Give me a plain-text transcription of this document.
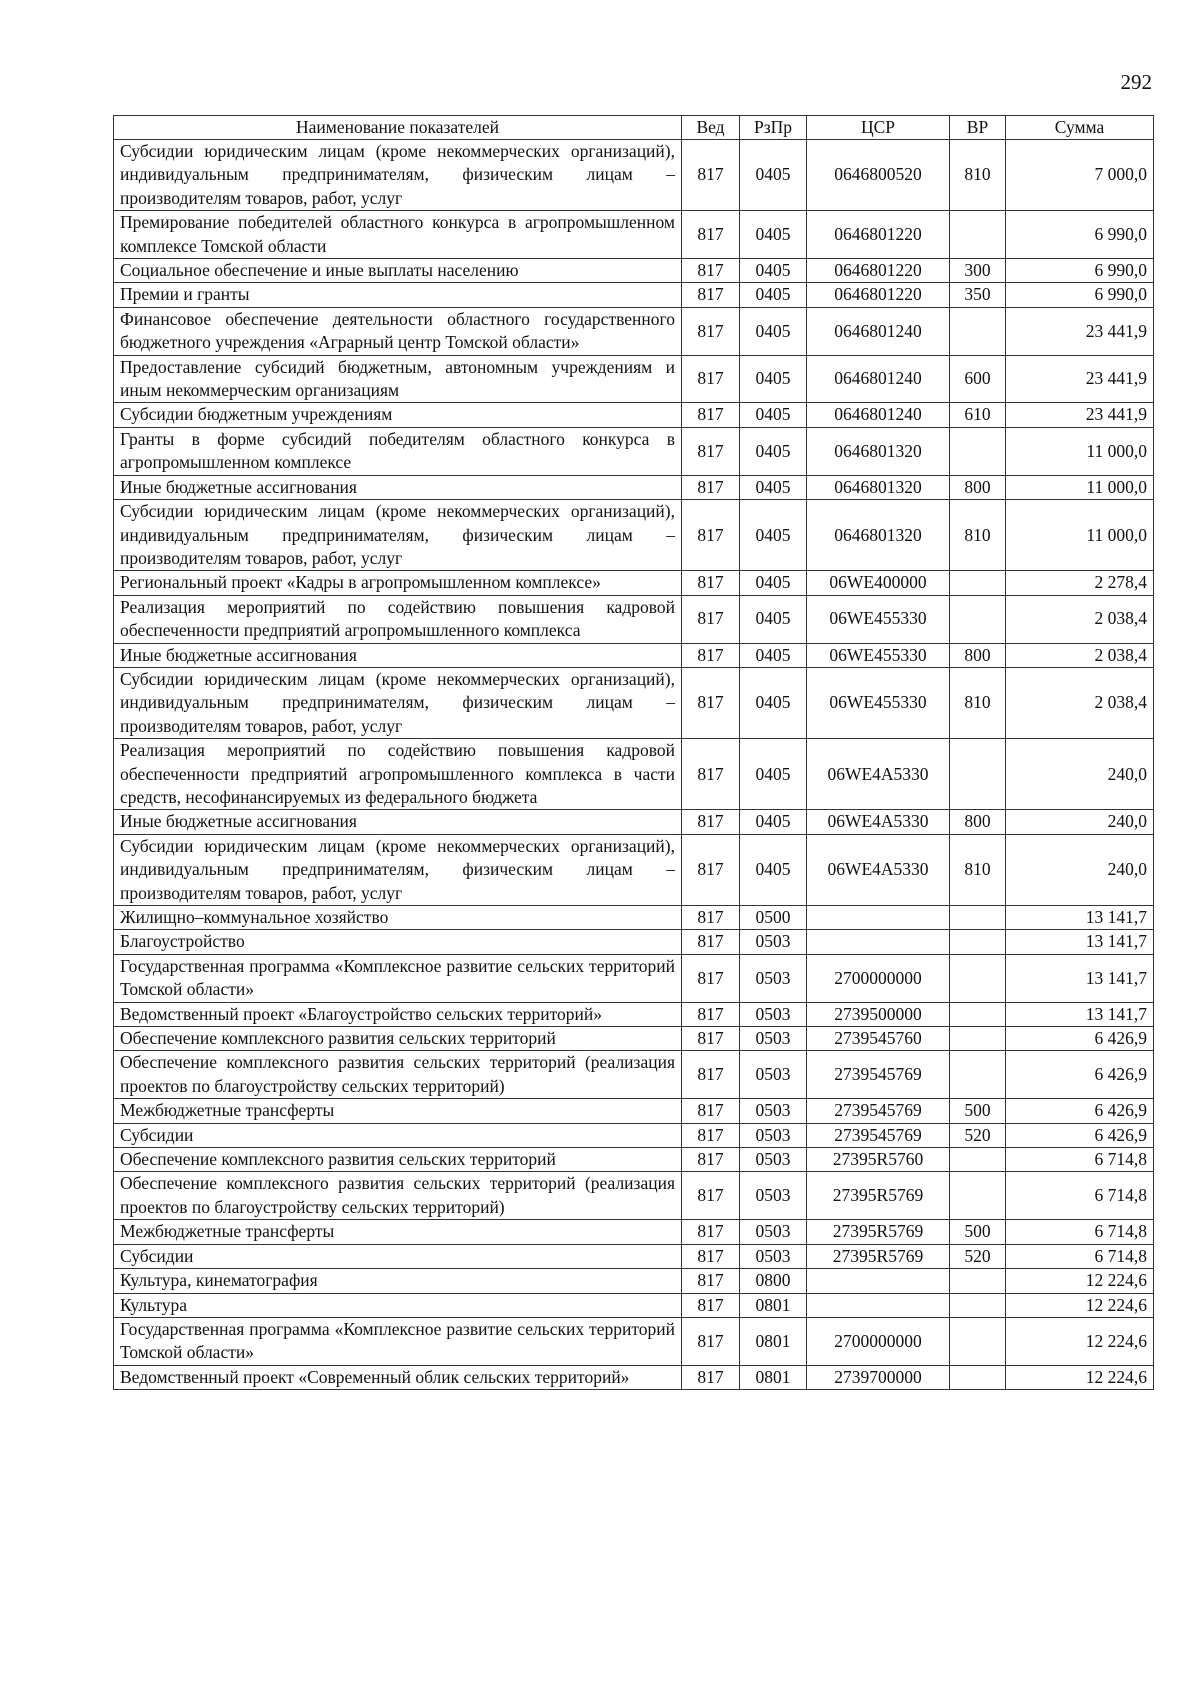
292
Наименование показателей	Вед	РзПр	ЦСР	ВР	Сумма
Субсидии юридическим лицам (кроме некоммерческих организаций), индивидуальным предпринимателям, физическим лицам – производителям товаров, работ, услуг	817	0405	0646800520	810	7 000,0
Премирование победителей областного конкурса в агропромышленном комплексе Томской области	817	0405	0646801220		6 990,0
Социальное обеспечение и иные выплаты населению	817	0405	0646801220	300	6 990,0
Премии и гранты	817	0405	0646801220	350	6 990,0
Финансовое обеспечение деятельности областного государственного бюджетного учреждения «Аграрный центр Томской области»	817	0405	0646801240		23 441,9
Предоставление субсидий бюджетным, автономным учреждениям и иным некоммерческим организациям	817	0405	0646801240	600	23 441,9
Субсидии бюджетным учреждениям	817	0405	0646801240	610	23 441,9
Гранты в форме субсидий победителям областного конкурса в агропромышленном комплексе	817	0405	0646801320		11 000,0
Иные бюджетные ассигнования	817	0405	0646801320	800	11 000,0
Субсидии юридическим лицам (кроме некоммерческих организаций), индивидуальным предпринимателям, физическим лицам – производителям товаров, работ, услуг	817	0405	0646801320	810	11 000,0
Региональный проект «Кадры в агропромышленном комплексе»	817	0405	06WE400000		2 278,4
Реализация мероприятий по содействию повышения кадровой обеспеченности предприятий агропромышленного комплекса	817	0405	06WE455330		2 038,4
Иные бюджетные ассигнования	817	0405	06WE455330	800	2 038,4
Субсидии юридическим лицам (кроме некоммерческих организаций), индивидуальным предпринимателям, физическим лицам – производителям товаров, работ, услуг	817	0405	06WE455330	810	2 038,4
Реализация мероприятий по содействию повышения кадровой обеспеченности предприятий агропромышленного комплекса в части средств, несофинансируемых из федерального бюджета	817	0405	06WE4A5330		240,0
Иные бюджетные ассигнования	817	0405	06WE4A5330	800	240,0
Субсидии юридическим лицам (кроме некоммерческих организаций), индивидуальным предпринимателям, физическим лицам – производителям товаров, работ, услуг	817	0405	06WE4A5330	810	240,0
Жилищно–коммунальное хозяйство	817	0500			13 141,7
Благоустройство	817	0503			13 141,7
Государственная программа «Комплексное развитие сельских территорий Томской области»	817	0503	2700000000		13 141,7
Ведомственный проект «Благоустройство сельских территорий»	817	0503	2739500000		13 141,7
Обеспечение комплексного развития сельских территорий	817	0503	2739545760		6 426,9
Обеспечение комплексного развития сельских территорий (реализация проектов по благоустройству сельских территорий)	817	0503	2739545769		6 426,9
Межбюджетные трансферты	817	0503	2739545769	500	6 426,9
Субсидии	817	0503	2739545769	520	6 426,9
Обеспечение комплексного развития сельских территорий	817	0503	27395R5760		6 714,8
Обеспечение комплексного развития сельских территорий (реализация проектов по благоустройству сельских территорий)	817	0503	27395R5769		6 714,8
Межбюджетные трансферты	817	0503	27395R5769	500	6 714,8
Субсидии	817	0503	27395R5769	520	6 714,8
Культура, кинематография	817	0800			12 224,6
Культура	817	0801			12 224,6
Государственная программа «Комплексное развитие сельских территорий Томской области»	817	0801	2700000000		12 224,6
Ведомственный проект «Современный облик сельских территорий»	817	0801	2739700000		12 224,6
